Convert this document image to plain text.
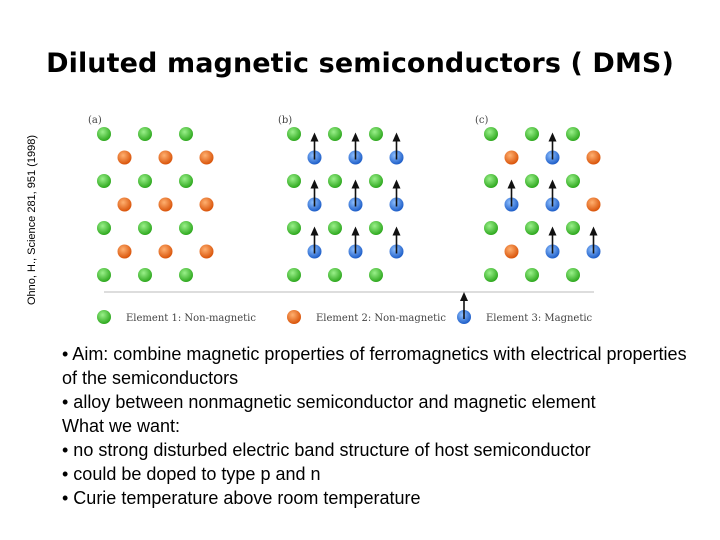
Diluted magnetic semiconductors ( DMS)
Ohno, H., Science 281, 951 (1998)
(a)	(b)	(c)
Element 1: Non-magnetic	Element 2: Non-magnetic	Element 3: Magnetic
• Aim: combine magnetic properties of ferromagnetics with electrical properties of the semiconductors
• alloy between nonmagnetic semiconductor and magnetic element
What we want:
• no strong disturbed electric band structure of host semiconductor
• could be doped to type p and n
• Curie temperature above room temperature
